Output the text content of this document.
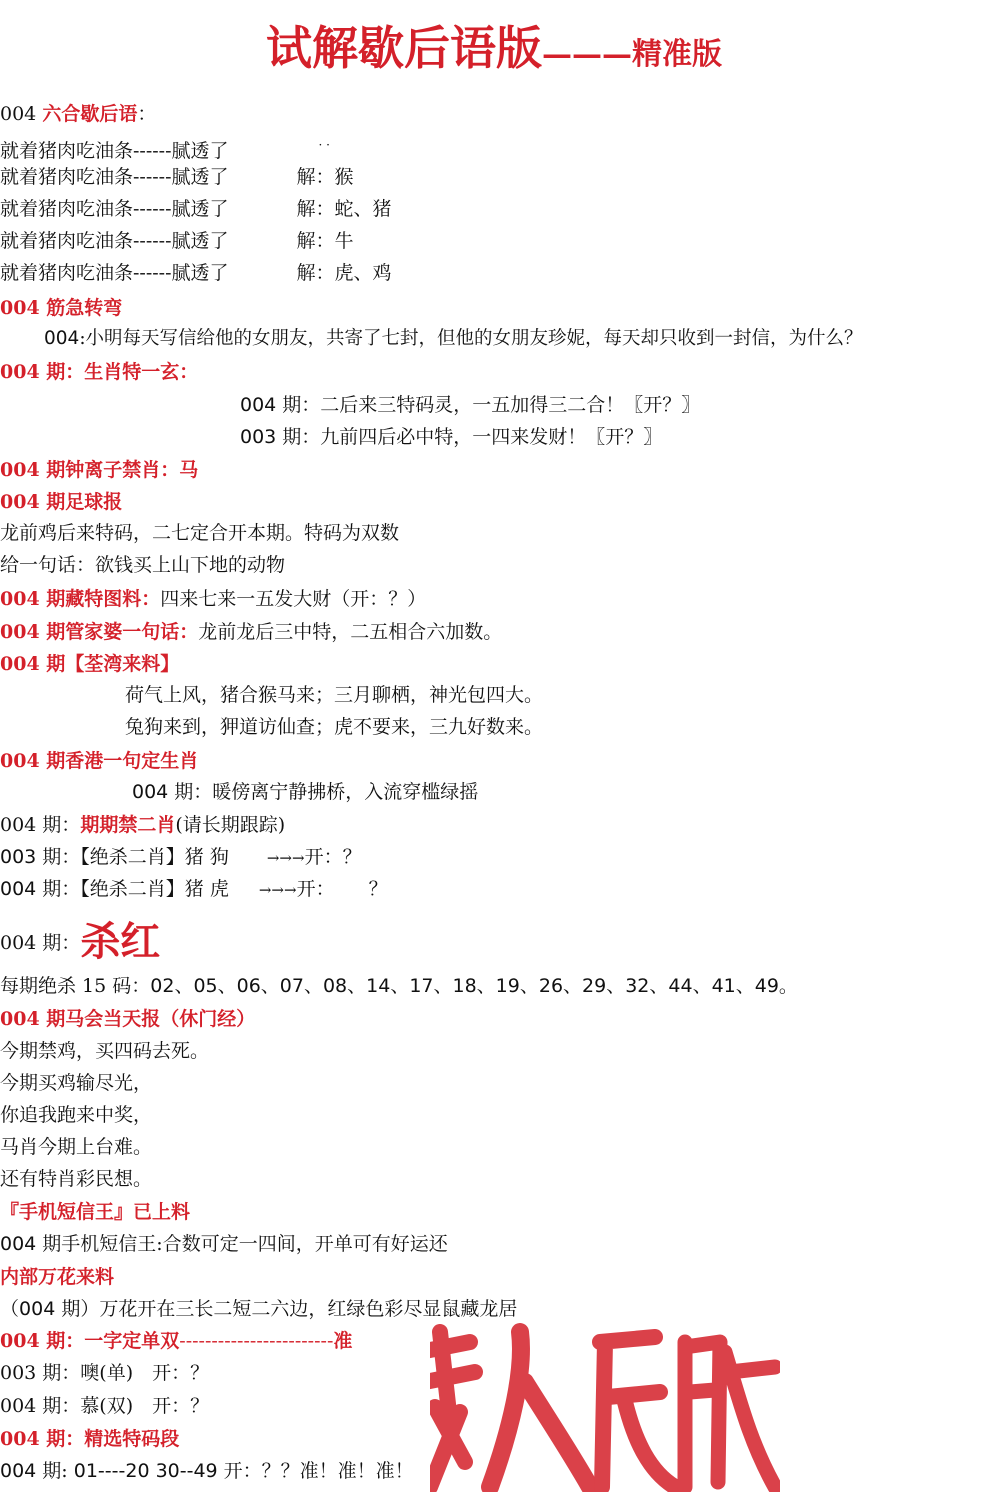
试解歇后语版———精准版
004 六合歇后语：
就着猪肉吃油条------腻透了	· ·
就着猪肉吃油条------腻透了	解：猴
就着猪肉吃油条------腻透了	解：蛇、猪
就着猪肉吃油条------腻透了	解：牛
就着猪肉吃油条------腻透了	解：虎、鸡
004 筋急转弯
004:小明每天写信给他的女朋友，共寄了七封，但他的女朋友珍妮，每天却只收到一封信，为什么？
004 期：生肖特一玄：
004 期：二后来三特码灵，一五加得三二合！〖开？〗
003 期：九前四后必中特，一四来发财！〖开？〗
004 期钟离子禁肖：马
004 期足球报
龙前鸡后来特码，二七定合开本期。特码为双数
给一句话：欲钱买上山下地的动物
004 期藏特图料：四来七来一五发大财（开：？）
004 期管家婆一句话：龙前龙后三中特，二五相合六加数。
004 期【荃湾来料】
荷气上风，猪合猴马来；三月聊栖，神光包四大。
兔狗来到，狎道访仙查；虎不要来，三九好数来。
004 期香港一句定生肖
004 期：暖傍离宁静拂桥，入流穿槛绿摇
004 期：期期禁二肖(请长期跟踪)
003 期：【绝杀二肖】猪 狗	→→→开：？
004 期：【绝杀二肖】猪 虎 →→→开： ？
004 期：杀红
每期绝杀 15 码：02、05、06、07、08、14、17、18、19、26、29、32、44、41、49。
004 期马会当天报（休门经）
今期禁鸡，买四码去死。
今期买鸡输尽光，
你追我跑来中奖，
马肖今期上台难。
还有特肖彩民想。
『手机短信王』已上料
004 期手机短信王:合数可定一四间，开单可有好运还
内部万花来料
（004 期）万花开在三长二短二六边，红绿色彩尽显鼠藏龙居
004 期：一字定单双------------------------准
003 期：噢(单)　开：？
004 期：慕(双)　开：？
004 期：精选特码段
004 期: 01----20 30--49 开：？？准！准！准！
